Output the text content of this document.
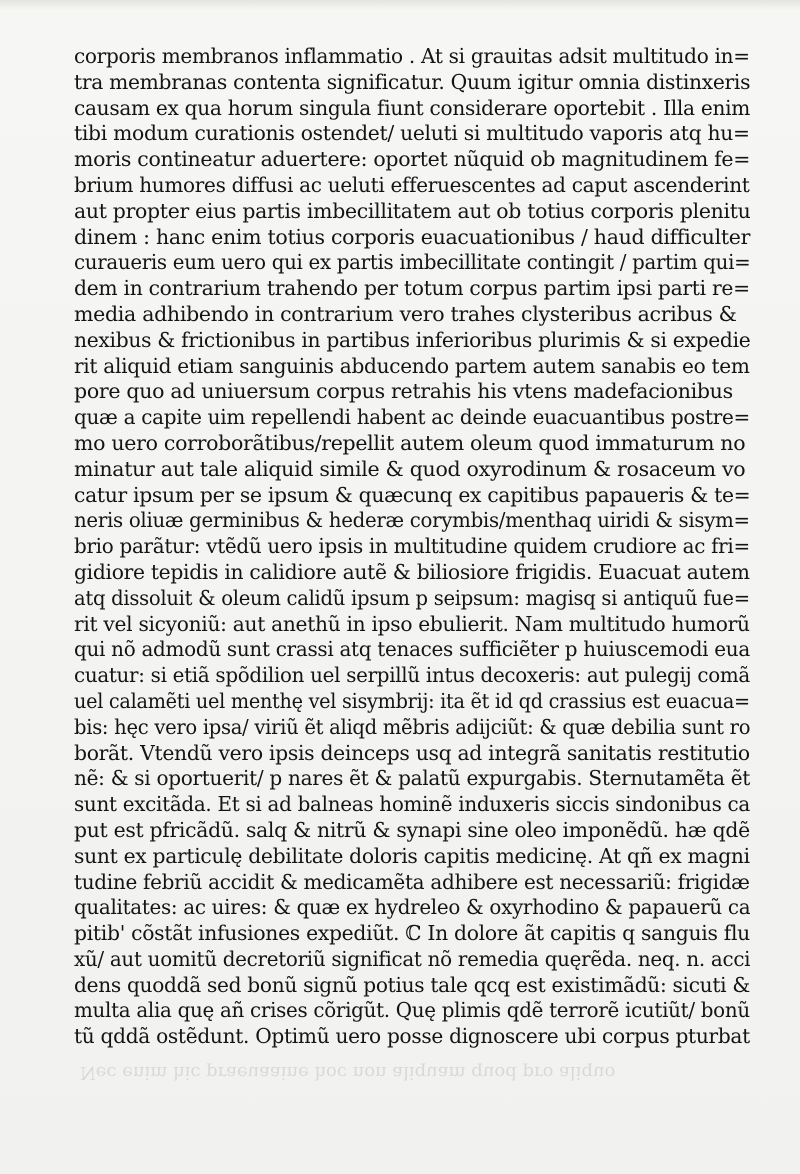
corporis membranos inflammatio . At si grauitas adsit multitudo in=
tra membranas contenta significatur. Quum igitur omnia distinxeris
causam ex qua horum singula fiunt considerare oportebit . Illa enim
tibi modum curationis ostendet/ ueluti si multitudo vaporis atq hu=
moris contineatur aduertere: oportet nũquid ob magnitudinem fe=
brium humores diffusi ac ueluti efferuescentes ad caput ascenderint
aut propter eius partis imbecillitatem aut ob totius corporis plenitu
dinem : hanc enim totius corporis euacuationibus / haud difficulter
curaueris eum uero qui ex partis imbecillitate contingit / partim qui=
dem in contrarium trahendo per totum corpus partim ipsi parti re=
media adhibendo in contrarium vero trahes clysteribus acribus &
nexibus & frictionibus in partibus inferioribus plurimis & si expedie
rit aliquid etiam sanguinis abducendo partem autem sanabis eo tem
pore quo ad uniuersum corpus retrahis his vtens madefacionibus
quæ a capite uim repellendi habent ac deinde euacuantibus postre=
mo uero corroborãtibus/repellit autem oleum quod immaturum no
minatur aut tale aliquid simile & quod oxyrodinum & rosaceum vo
catur ipsum per se ipsum & quæcunq ex capitibus papaueris & te=
neris oliuæ germinibus & hederæ corymbis/menthaq uiridi & sisym=
brio parãtur: vtẽdũ uero ipsis in multitudine quidem crudiore ac fri=
gidiore tepidis in calidiore autẽ & biliosiore frigidis. Euacuat autem
atq dissoluit & oleum calidũ ipsum p seipsum: magisq si antiquũ fue=
rit vel sicyoniũ: aut anethũ in ipso ebulierit. Nam multitudo humorũ
qui nõ admodũ sunt crassi atq tenaces sufficiẽter p huiuscemodi eua
cuatur: si etiã spõdilion uel serpillũ intus decoxeris: aut pulegij comã
uel calamẽti uel menthę vel sisymbrij: ita ẽt id qd crassius est euacua=
bis: hęc vero ipsa/ viriũ ẽt aliqd mẽbris adijciũt: & quæ debilia sunt ro
borãt. Vtendũ vero ipsis deinceps usq ad integrã sanitatis restitutio
nẽ: & si oportuerit/ p nares ẽt & palatũ expurgabis. Sternutamẽta ẽt
sunt excitãda. Et si ad balneas hominẽ induxeris siccis sindonibus ca
put est pfricãdũ. salq & nitrũ & synapi sine oleo imponẽdũ. hæ qdẽ
sunt ex particulę debilitate doloris capitis medicinę. At qñ ex magni
tudine febriũ accidit & medicamẽta adhibere est necessariũ: frigidæ
qualitates: ac uires: & quæ ex hydreleo & oxyrhodino & papauerũ ca
pitib' cõstãt infusiones expediũt. ℂ In dolore ãt capitis q sanguis flu
xũ/ aut uomitũ decretoriũ significat nõ remedia quęrẽda. neq. n. acci
dens quoddã sed bonũ signũ potius tale qcq est existimãdũ: sicuti &
multa alia quę añ crises cõrigũt. Quę plimis qdẽ terrorẽ icutiũt/ bonũ
tũ qddã ostẽdunt. Optimũ uero posse dignoscere ubi corpus pturbat
Nec enim hic praeuaaine hoc non aliquam quod pro aliquo
